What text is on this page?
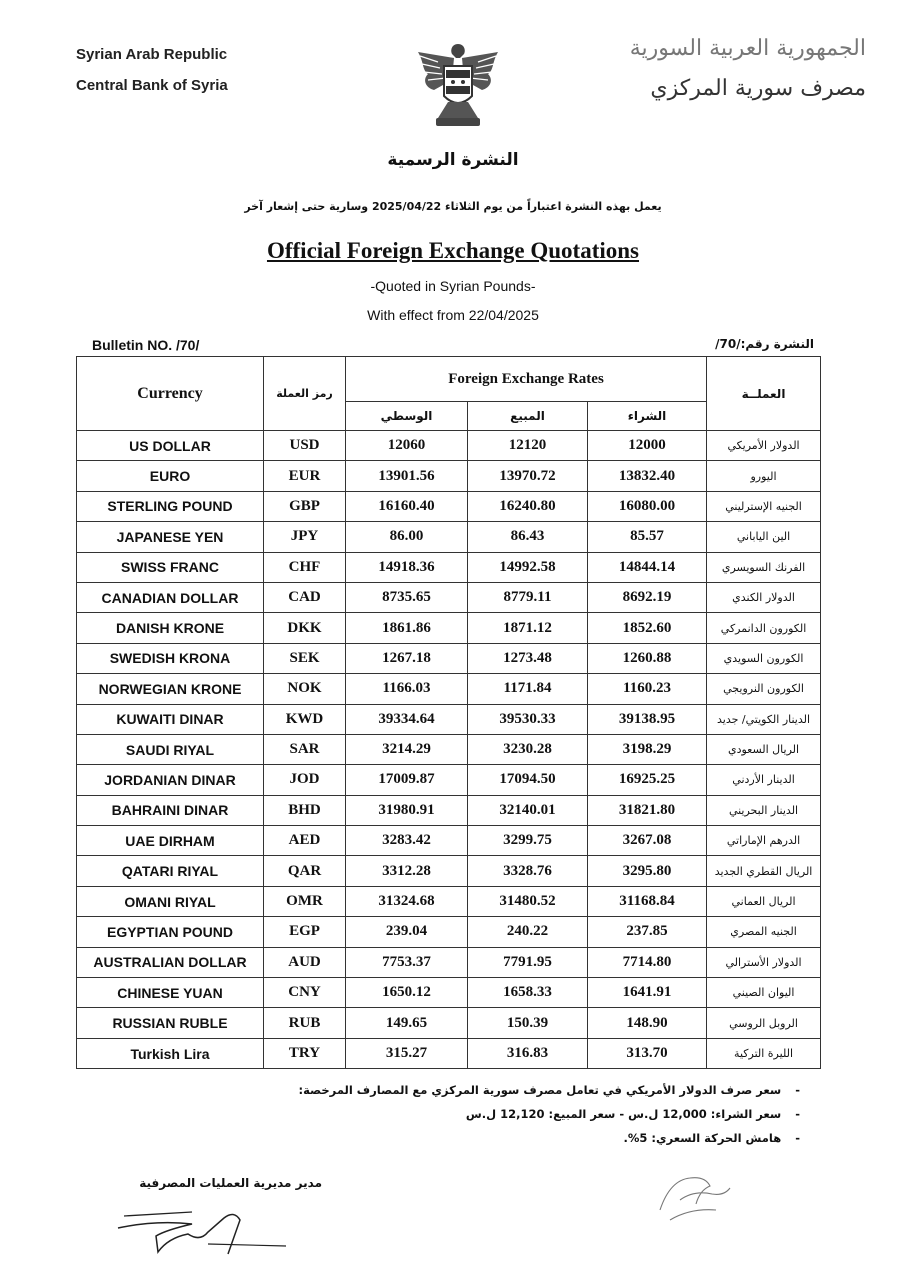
Syrian Arab Republic
Central Bank of Syria
الجمهورية العربية السورية
مصرف سورية المركزي
النشرة الرسمية
يعمل بهذه النشرة اعتباراً من يوم الثلاثاء 2025/04/22 وسارية حتى إشعار آخر
Official Foreign Exchange Quotations
-Quoted in Syrian Pounds-
With effect from 22/04/2025
Bulletin NO. /70/	النشرة رقم:/70/
Currency	رمز العملة	Foreign Exchange Rates			العملــة
		الوسطي	المبيع	الشراء	
US DOLLAR	USD	12060	12120	12000	الدولار الأمريكي
EURO	EUR	13901.56	13970.72	13832.40	اليورو
STERLING POUND	GBP	16160.40	16240.80	16080.00	الجنيه الإسترليني
JAPANESE YEN	JPY	86.00	86.43	85.57	الين الياباني
SWISS FRANC	CHF	14918.36	14992.58	14844.14	الفرنك السويسري
CANADIAN DOLLAR	CAD	8735.65	8779.11	8692.19	الدولار الكندي
DANISH KRONE	DKK	1861.86	1871.12	1852.60	الكورون الدانمركي
SWEDISH KRONA	SEK	1267.18	1273.48	1260.88	الكورون السويدي
NORWEGIAN KRONE	NOK	1166.03	1171.84	1160.23	الكورون النرويجي
KUWAITI DINAR	KWD	39334.64	39530.33	39138.95	الدينار الكويتي/ جديد
SAUDI RIYAL	SAR	3214.29	3230.28	3198.29	الريال السعودي
JORDANIAN DINAR	JOD	17009.87	17094.50	16925.25	الدينار الأردني
BAHRAINI DINAR	BHD	31980.91	32140.01	31821.80	الدينار البحريني
UAE DIRHAM	AED	3283.42	3299.75	3267.08	الدرهم الإماراتي
QATARI RIYAL	QAR	3312.28	3328.76	3295.80	الريال القطري الجديد
OMANI RIYAL	OMR	31324.68	31480.52	31168.84	الريال العماني
EGYPTIAN POUND	EGP	239.04	240.22	237.85	الجنيه المصري
AUSTRALIAN DOLLAR	AUD	7753.37	7791.95	7714.80	الدولار الأسترالي
CHINESE YUAN	CNY	1650.12	1658.33	1641.91	اليوان الصيني
RUSSIAN RUBLE	RUB	149.65	150.39	148.90	الروبل الروسي
Turkish Lira	TRY	315.27	316.83	313.70	الليرة التركية
-سعر صرف الدولار الأمريكي في تعامل مصرف سورية المركزي مع المصارف المرخصة:
-سعر الشراء: 12,000 ل.س - سعر المبيع: 12,120 ل.س
-هامش الحركة السعري: 5%.
مدير مديرية العمليات المصرفية
